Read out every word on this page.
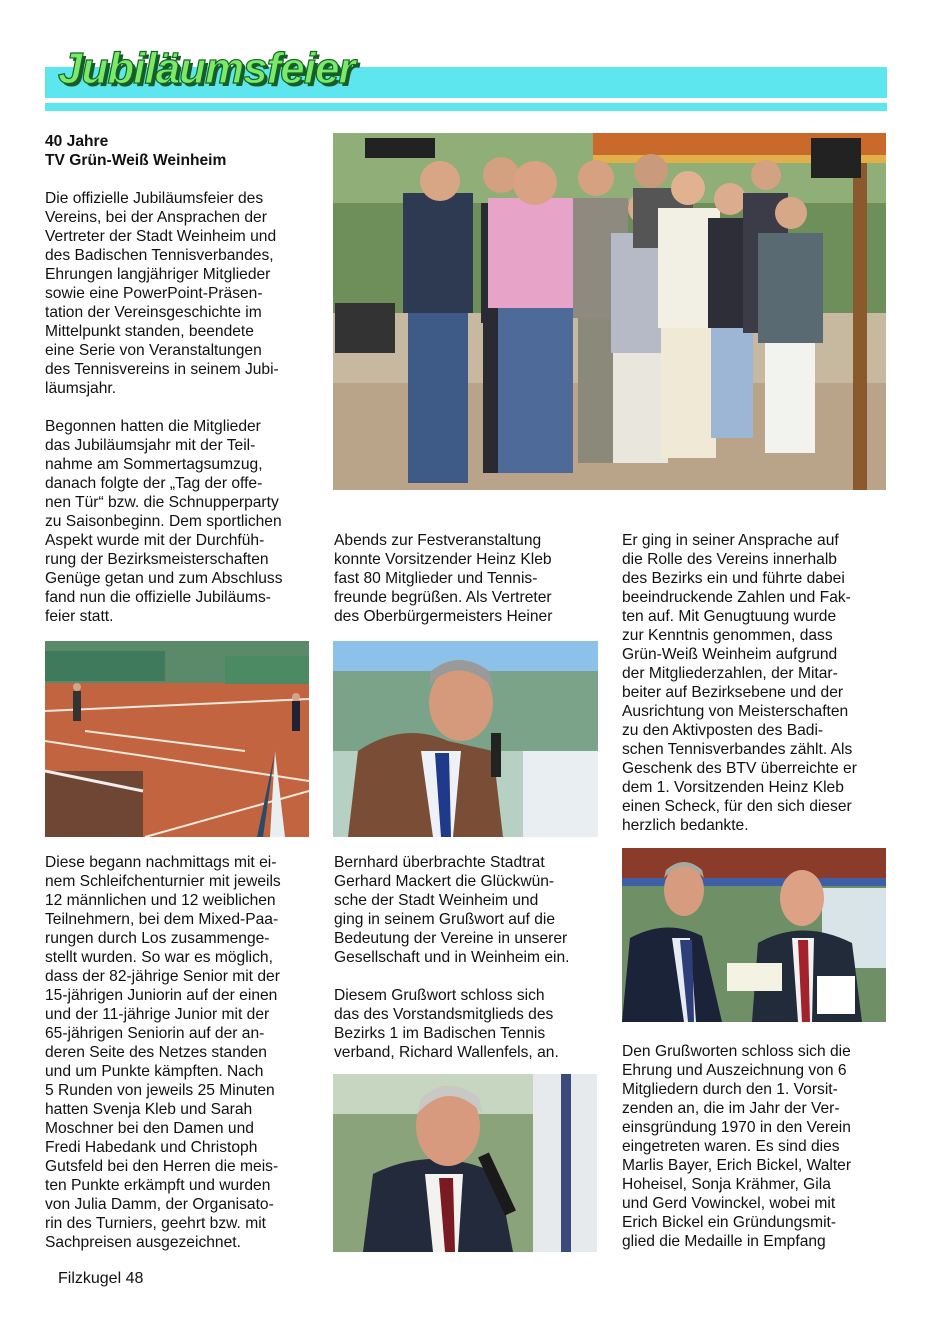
Jubiläumsfeier
40 Jahre
TV Grün-Weiß Weinheim

Die offizielle Jubiläumsfeier des
Vereins, bei der Ansprachen der
Vertreter der Stadt Weinheim und
des Badischen Tennisverbandes,
Ehrungen langjähriger Mitglieder
sowie eine PowerPoint-Präsen-
tation der Vereinsgeschichte im
Mittelpunkt standen, beendete
eine Serie von Veranstaltungen
des Tennisvereins in seinem Jubi-
läumsjahr.

Begonnen hatten die Mitglieder
das Jubiläumsjahr mit der Teil-
nahme am Sommertagsumzug,
danach folgte der „Tag der offe-
nen Tür“ bzw. die Schnupperparty
zu Saisonbeginn. Dem sportlichen
Aspekt wurde mit der Durchfüh-
rung der Bezirksmeisterschaften
Genüge getan und zum Abschluss
fand nun die offizielle Jubiläums-
feier statt.

Abends zur Festveranstaltung
konnte Vorsitzender Heinz Kleb
fast 80 Mitglieder und Tennis-
freunde begrüßen. Als Vertreter
des Oberbürgermeisters Heiner

Er ging in seiner Ansprache auf
die Rolle des Vereins innerhalb
des Bezirks ein und führte dabei
beeindruckende Zahlen und Fak-
ten auf. Mit Genugtuung wurde
zur Kenntnis genommen, dass
Grün-Weiß Weinheim aufgrund
der Mitgliederzahlen, der Mitar-
beiter auf Bezirksebene und der
Ausrichtung von Meisterschaften
zu den Aktivposten des Badi-
schen Tennisverbandes zählt. Als
Geschenk des BTV überreichte er
dem 1. Vorsitzenden Heinz Kleb
einen Scheck, für den sich dieser
herzlich bedankte.

Diese begann nachmittags mit ei-
nem Schleifchenturnier mit jeweils
12 männlichen und 12 weiblichen
Teilnehmern, bei dem Mixed-Paa-
rungen durch Los zusammenge-
stellt wurden. So war es möglich,
dass der 82-jährige Senior mit der
15-jährigen Juniorin auf der einen
und der 11-jährige Junior mit der
65-jährigen Seniorin auf der an-
deren Seite des Netzes standen
und um Punkte kämpften. Nach
5 Runden von jeweils 25 Minuten
hatten Svenja Kleb und Sarah
Moschner bei den Damen und
Fredi Habedank und Christoph
Gutsfeld bei den Herren die meis-
ten Punkte erkämpft und wurden
von Julia Damm, der Organisato-
rin des Turniers, geehrt bzw. mit
Sachpreisen ausgezeichnet.

Bernhard überbrachte Stadtrat
Gerhard Mackert die Glückwün-
sche der Stadt Weinheim und
ging in seinem Grußwort auf die
Bedeutung der Vereine in unserer
Gesellschaft und in Weinheim ein.

Diesem Grußwort schloss sich
das des Vorstandsmitglieds des
Bezirks 1 im Badischen Tennis
verband, Richard Wallenfels, an.	Den Grußworten schloss sich die
Ehrung und Auszeichnung von 6
Mitgliedern durch den 1. Vorsit-
zenden an, die im Jahr der Ver-
einsgründung 1970 in den Verein
eingetreten waren. Es sind dies
Marlis Bayer, Erich Bickel, Walter
Hoheisel, Sonja Krähmer, Gila
und Gerd Vowinckel, wobei mit
Erich Bickel ein Gründungsmit-
glied die Medaille in Empfang

Filzkugel 48
